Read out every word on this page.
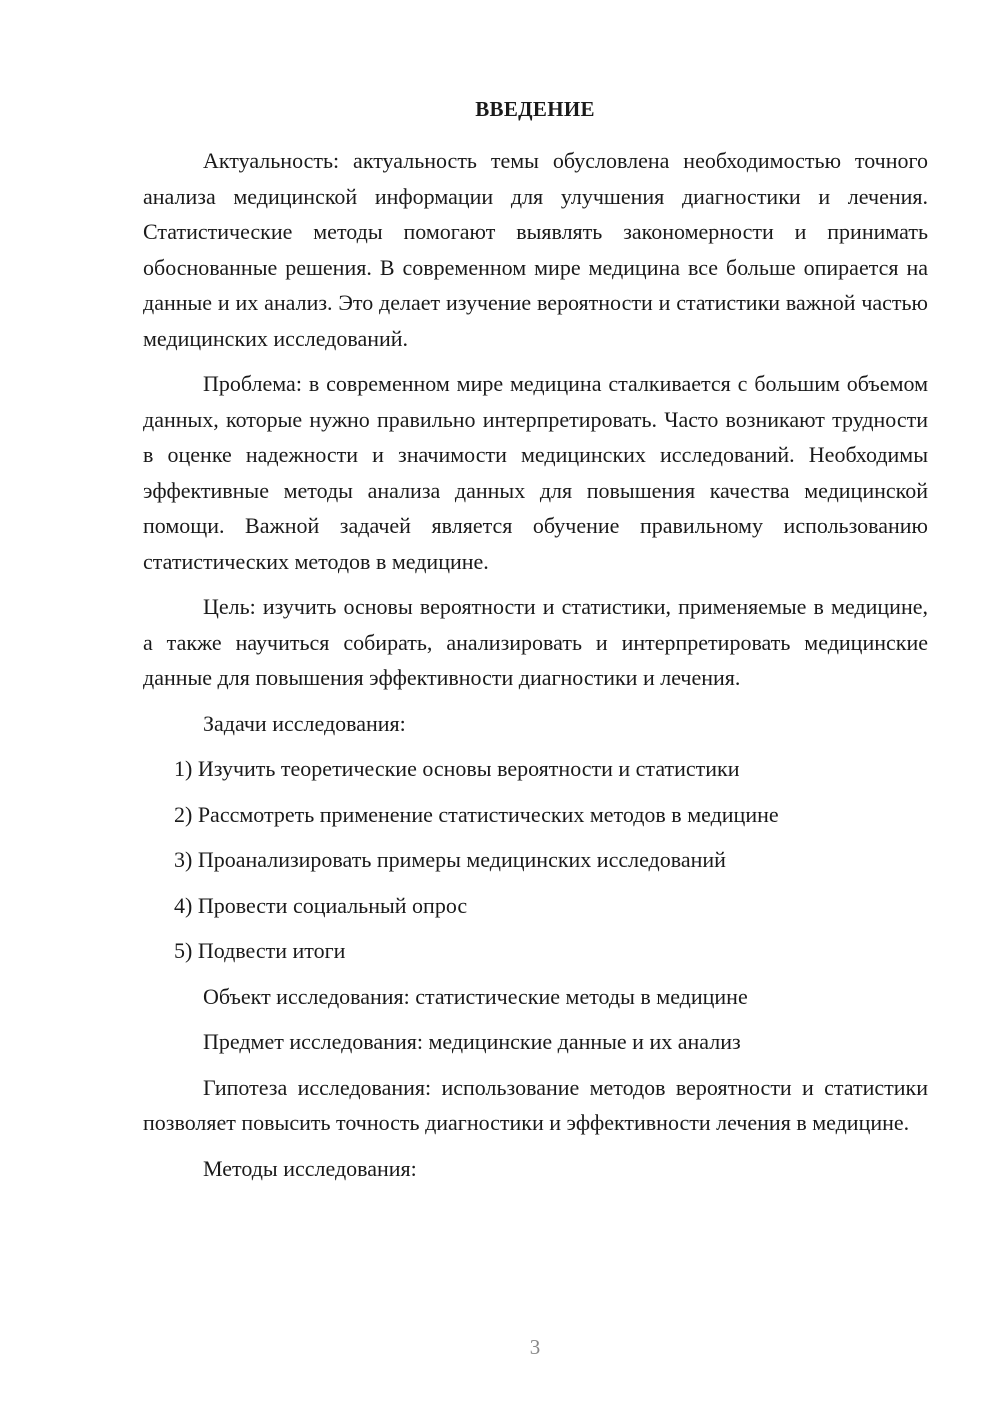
ВВЕДЕНИЕ

Актуальность: актуальность темы обусловлена необходимостью точного анализа медицинской информации для улучшения диагностики и лечения. Статистические методы помогают выявлять закономерности и принимать обоснованные решения. В современном мире медицина все больше опирается на данные и их анализ. Это делает изучение вероятности и статистики важной частью медицинских исследований.

Проблема: в современном мире медицина сталкивается с большим объемом данных, которые нужно правильно интерпретировать. Часто возникают трудности в оценке надежности и значимости медицинских исследований. Необходимы эффективные методы анализа данных для повышения качества медицинской помощи. Важной задачей является обучение правильному использованию статистических методов в медицине.

Цель: изучить основы вероятности и статистики, применяемые в медицине, а также научиться собирать, анализировать и интерпретировать медицинские данные для повышения эффективности диагностики и лечения.

Задачи исследования:

1) Изучить теоретические основы вероятности и статистики

2) Рассмотреть применение статистических методов в медицине

3) Проанализировать примеры медицинских исследований

4) Провести социальный опрос

5) Подвести итоги

Объект исследования: статистические методы в медицине

Предмет исследования: медицинские данные и их анализ

Гипотеза исследования: использование методов вероятности и статистики позволяет повысить точность диагностики и эффективности лечения в медицине.

Методы исследования:

3
